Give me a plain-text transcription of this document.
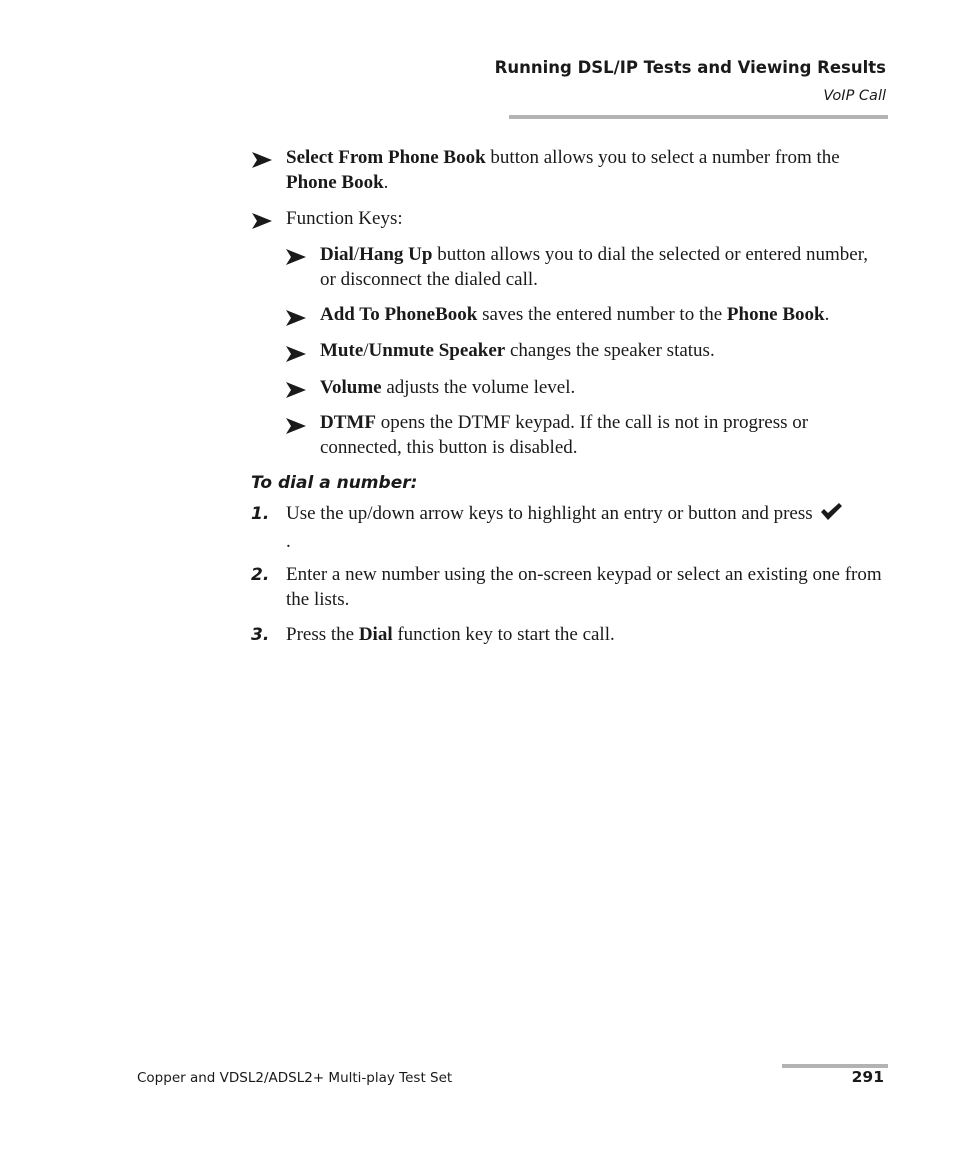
Running DSL/IP Tests and Viewing Results
VoIP Call
Select From Phone Book button allows you to select a number from the Phone Book.
Function Keys:
Dial/Hang Up button allows you to dial the selected or entered number, or disconnect the dialed call.
Add To PhoneBook saves the entered number to the Phone Book.
Mute/Unmute Speaker changes the speaker status.
Volume adjusts the volume level.
DTMF opens the DTMF keypad. If the call is not in progress or connected, this button is disabled.
To dial a number:
1. Use the up/down arrow keys to highlight an entry or button and press .
2. Enter a new number using the on-screen keypad or select an existing one from the lists.
3. Press the Dial function key to start the call.
Copper and VDSL2/ADSL2+ Multi-play Test Set	291
